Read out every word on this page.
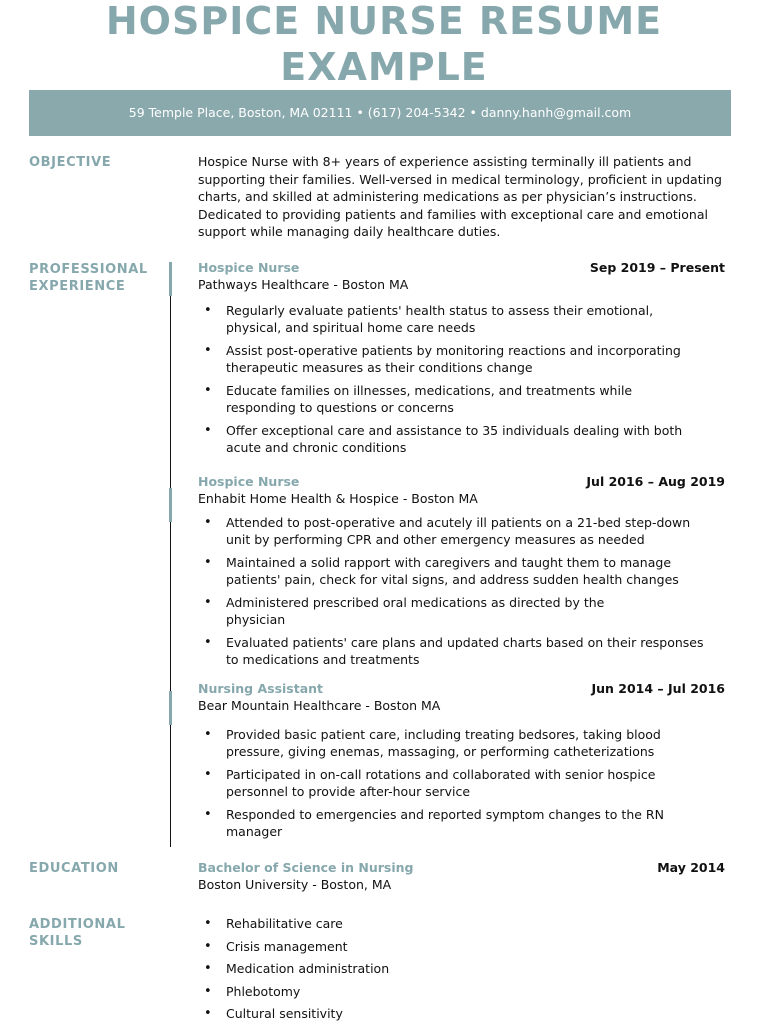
HOSPICE NURSE RESUME
EXAMPLE
59 Temple Place, Boston, MA 02111 • (617) 204-5342 • danny.hanh@gmail.com
OBJECTIVE	Hospice Nurse with 8+ years of experience assisting terminally ill patients and supporting their families. Well-versed in medical terminology, proficient in updating charts, and skilled at administering medications as per physician’s instructions. Dedicated to providing patients and families with exceptional care and emotional support while managing daily healthcare duties.

PROFESSIONAL
EXPERIENCE
Hospice Nurse	Sep 2019 – Present
Pathways Healthcare - Boston MA
• Regularly evaluate patients' health status to assess their emotional, physical, and spiritual home care needs
• Assist post-operative patients by monitoring reactions and incorporating therapeutic measures as their conditions change
• Educate families on illnesses, medications, and treatments while responding to questions or concerns
• Offer exceptional care and assistance to 35 individuals dealing with both acute and chronic conditions
Hospice Nurse	Jul 2016 – Aug 2019
Enhabit Home Health & Hospice - Boston MA
• Attended to post-operative and acutely ill patients on a 21-bed step-down unit by performing CPR and other emergency measures as needed
• Maintained a solid rapport with caregivers and taught them to manage patients' pain, check for vital signs, and address sudden health changes
• Administered prescribed oral medications as directed by the physician
• Evaluated patients' care plans and updated charts based on their responses to medications and treatments
Nursing Assistant	Jun 2014 – Jul 2016
Bear Mountain Healthcare - Boston MA
• Provided basic patient care, including treating bedsores, taking blood pressure, giving enemas, massaging, or performing catheterizations
• Participated in on-call rotations and collaborated with senior hospice personnel to provide after-hour service
• Responded to emergencies and reported symptom changes to the RN manager
EDUCATION	Bachelor of Science in Nursing	May 2014
Boston University - Boston, MA
ADDITIONAL
SKILLS
• Rehabilitative care
• Crisis management
• Medication administration
• Phlebotomy
• Cultural sensitivity
